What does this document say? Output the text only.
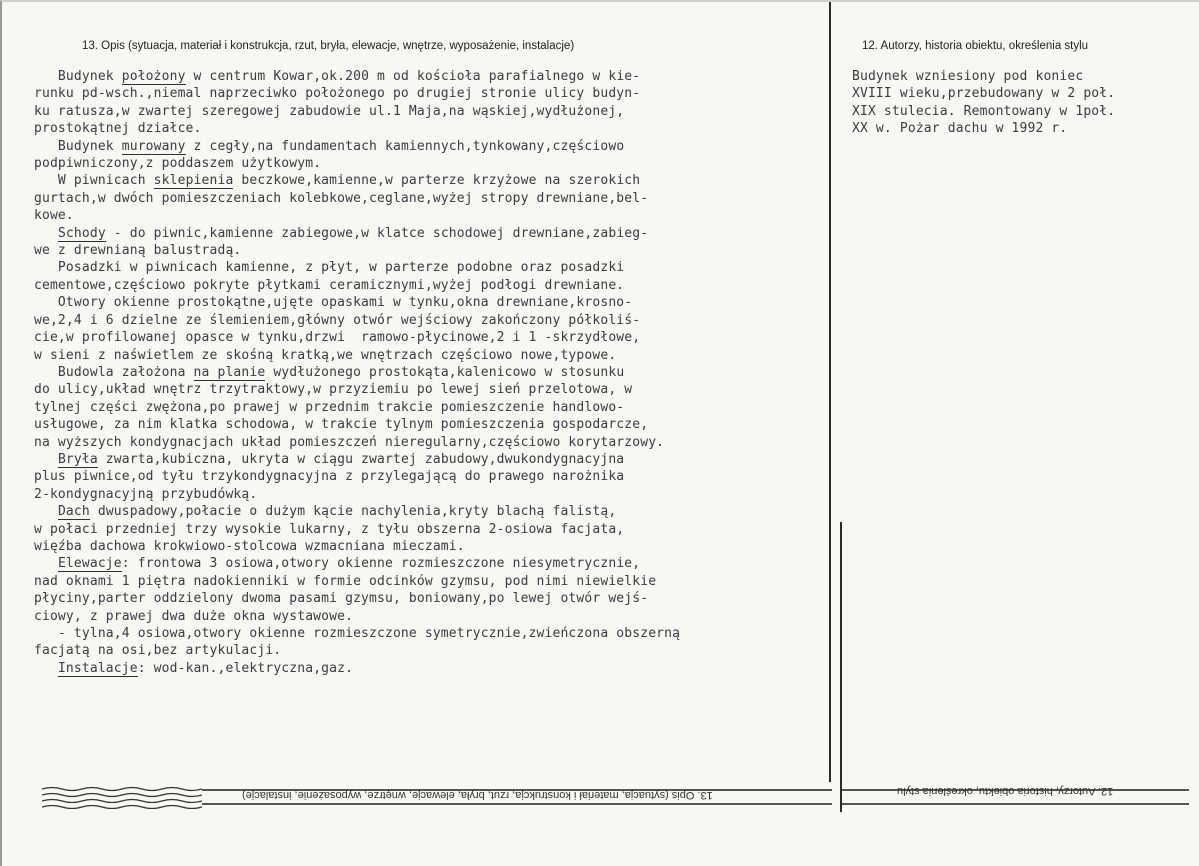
13. Opis (sytuacja, materiał i konstrukcja, rzut, bryła, elewacje, wnętrze, wyposażenie, instalacje)	12. Autorzy, historia obiektu, określenia stylu
Budynek położony w centrum Kowar,ok.200 m od kościoła parafialnego w kie-
runku pd-wsch.,niemal naprzeciwko położonego po drugiej stronie ulicy budyn-
ku ratusza,w zwartej szeregowej zabudowie ul.1 Maja,na wąskiej,wydłużonej,
prostokątnej działce.
Budynek murowany z cegły,na fundamentach kamiennych,tynkowany,częściowo
podpiwniczony,z poddaszem użytkowym.
W piwnicach sklepienia beczkowe,kamienne,w parterze krzyżowe na szerokich
gurtach,w dwóch pomieszczeniach kolebkowe,ceglane,wyżej stropy drewniane,bel-
kowe.
Schody - do piwnic,kamienne zabiegowe,w klatce schodowej drewniane,zabieg-
we z drewnianą balustradą.
Posadzki w piwnicach kamienne, z płyt, w parterze podobne oraz posadzki
cementowe,częściowo pokryte płytkami ceramicznymi,wyżej podłogi drewniane.
Otwory okienne prostokątne,ujęte opaskami w tynku,okna drewniane,krosno-
we,2,4 i 6 dzielne ze ślemieniem,główny otwór wejściowy zakończony półkoliś-
cie,w profilowanej opasce w tynku,drzwi  ramowo-płycinowe,2 i 1 -skrzydłowe,
w sieni z naświetlem ze skośną kratką,we wnętrzach częściowo nowe,typowe.
Budowla założona na planie wydłużonego prostokąta,kalenicowo w stosunku
do ulicy,układ wnętrz trzytraktowy,w przyziemiu po lewej sień przelotowa, w
tylnej części zwężona,po prawej w przednim trakcie pomieszczenie handlowo-
usługowe, za nim klatka schodowa, w trakcie tylnym pomieszczenia gospodarcze,
na wyższych kondygnacjach układ pomieszczeń nieregularny,częściowo korytarzowy.
Bryła zwarta,kubiczna, ukryta w ciągu zwartej zabudowy,dwukondygnacyjna
plus piwnice,od tyłu trzykondygnacyjna z przylegającą do prawego narożnika
2-kondygnacyjną przybudówką.
Dach dwuspadowy,połacie o dużym kącie nachylenia,kryty blachą falistą,
w połaci przedniej trzy wysokie lukarny, z tyłu obszerna 2-osiowa facjata,
więźba dachowa krokwiowo-stolcowa wzmacniana mieczami.
Elewacje: frontowa 3 osiowa,otwory okienne rozmieszczone niesymetrycznie,
nad oknami 1 piętra nadokienniki w formie odcinków gzymsu, pod nimi niewielkie
płyciny,parter oddzielony dwoma pasami gzymsu, boniowany,po lewej otwór wejś-
ciowy, z prawej dwa duże okna wystawowe.
- tylna,4 osiowa,otwory okienne rozmieszczone symetrycznie,zwieńczona obszerną
facjatą na osi,bez artykulacji.
Instalacje: wod-kan.,elektryczna,gaz.
Budynek wzniesiony pod koniec
XVIII wieku,przebudowany w 2 poł.
XIX stulecia. Remontowany w 1poł.
XX w. Pożar dachu w 1992 r.
13. Opis (sytuacja, materiał i konstrukcja, rzut, bryła, elewacje, wnętrze, wyposażenie, instalacje)	12. Autorzy, historia obiektu, określenia stylu
